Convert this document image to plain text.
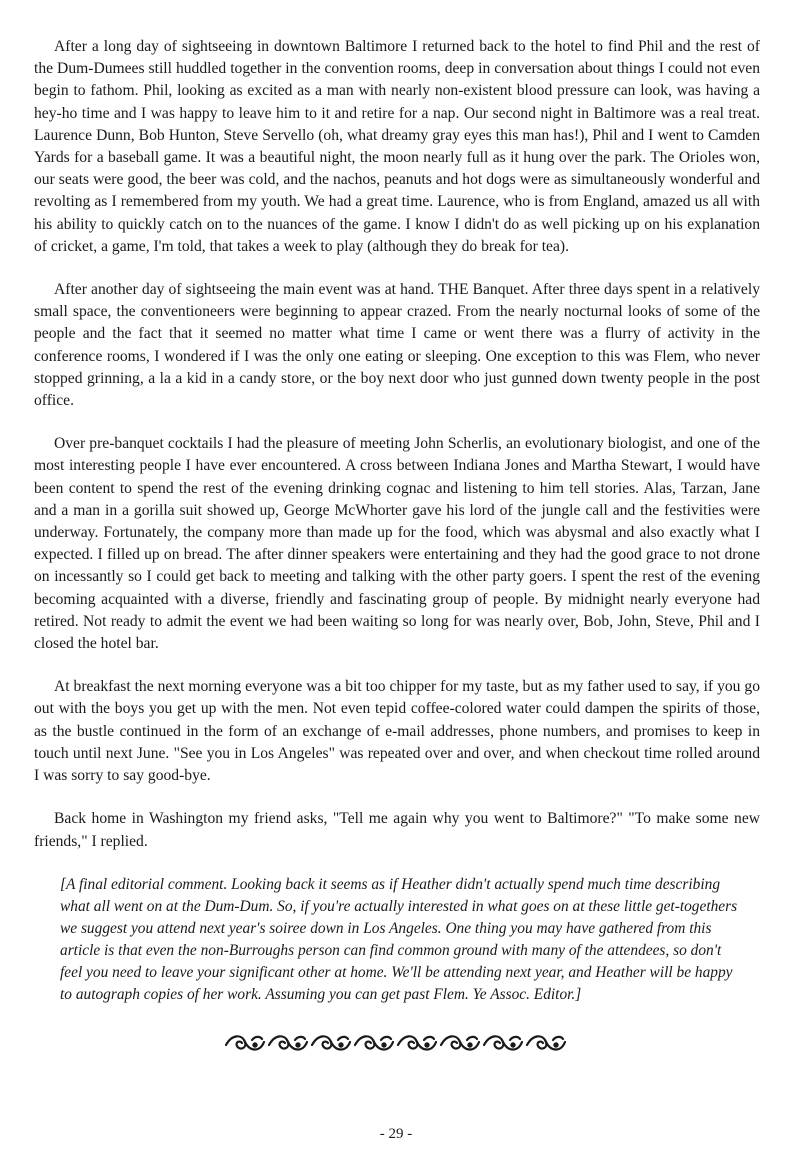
After a long day of sightseeing in downtown Baltimore I returned back to the hotel to find Phil and the rest of the Dum-Dumees still huddled together in the convention rooms, deep in conversation about things I could not even begin to fathom. Phil, looking as excited as a man with nearly non-existent blood pressure can look, was having a hey-ho time and I was happy to leave him to it and retire for a nap. Our second night in Baltimore was a real treat. Laurence Dunn, Bob Hunton, Steve Servello (oh, what dreamy gray eyes this man has!), Phil and I went to Camden Yards for a baseball game. It was a beautiful night, the moon nearly full as it hung over the park. The Orioles won, our seats were good, the beer was cold, and the nachos, peanuts and hot dogs were as simultaneously wonderful and revolting as I remembered from my youth. We had a great time. Laurence, who is from England, amazed us all with his ability to quickly catch on to the nuances of the game. I know I didn't do as well picking up on his explanation of cricket, a game, I'm told, that takes a week to play (although they do break for tea).

After another day of sightseeing the main event was at hand. THE Banquet. After three days spent in a relatively small space, the conventioneers were beginning to appear crazed. From the nearly nocturnal looks of some of the people and the fact that it seemed no matter what time I came or went there was a flurry of activity in the conference rooms, I wondered if I was the only one eating or sleeping. One exception to this was Flem, who never stopped grinning, a la a kid in a candy store, or the boy next door who just gunned down twenty people in the post office.

Over pre-banquet cocktails I had the pleasure of meeting John Scherlis, an evolutionary biologist, and one of the most interesting people I have ever encountered. A cross between Indiana Jones and Martha Stewart, I would have been content to spend the rest of the evening drinking cognac and listening to him tell stories. Alas, Tarzan, Jane and a man in a gorilla suit showed up, George McWhorter gave his lord of the jungle call and the festivities were underway. Fortunately, the company more than made up for the food, which was abysmal and also exactly what I expected. I filled up on bread. The after dinner speakers were entertaining and they had the good grace to not drone on incessantly so I could get back to meeting and talking with the other party goers. I spent the rest of the evening becoming acquainted with a diverse, friendly and fascinating group of people. By midnight nearly everyone had retired. Not ready to admit the event we had been waiting so long for was nearly over, Bob, John, Steve, Phil and I closed the hotel bar.

At breakfast the next morning everyone was a bit too chipper for my taste, but as my father used to say, if you go out with the boys you get up with the men. Not even tepid coffee-colored water could dampen the spirits of those, as the bustle continued in the form of an exchange of e-mail addresses, phone numbers, and promises to keep in touch until next June. "See you in Los Angeles" was repeated over and over, and when checkout time rolled around I was sorry to say good-bye.

Back home in Washington my friend asks, "Tell me again why you went to Baltimore?" "To make some new friends," I replied.

[A final editorial comment. Looking back it seems as if Heather didn't actually spend much time describing what all went on at the Dum-Dum. So, if you're actually interested in what goes on at these little get-togethers we suggest you attend next year's soiree down in Los Angeles. One thing you may have gathered from this article is that even the non-Burroughs person can find common ground with many of the attendees, so don't feel you need to leave your significant other at home. We'll be attending next year, and Heather will be happy to autograph copies of her work. Assuming you can get past Flem. Ye Assoc. Editor.]

- 29 -
